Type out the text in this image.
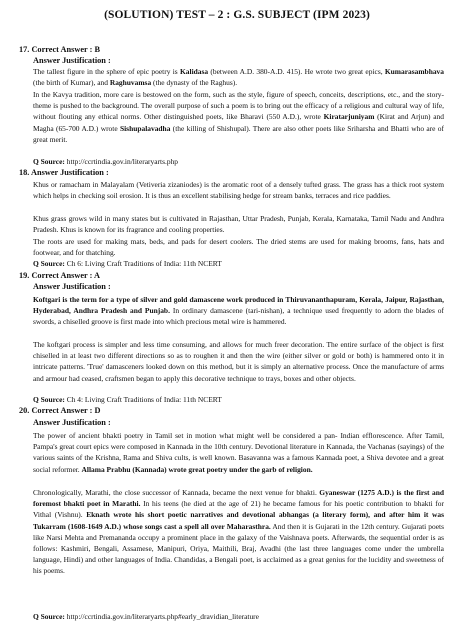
(SOLUTION) TEST – 2 : G.S. SUBJECT (IPM 2023)
17. Correct Answer : B
Answer Justification :
The tallest figure in the sphere of epic poetry is Kalidasa (between A.D. 380-A.D. 415). He wrote two great epics, Kumarasambhava (the birth of Kumar), and Raghuvamsa (the dynasty of the Raghus).
In the Kavya tradition, more care is bestowed on the form, such as the style, figure of speech, conceits, descriptions, etc., and the story-theme is pushed to the background. The overall purpose of such a poem is to bring out the efficacy of a religious and cultural way of life, without flouting any ethical norms. Other distinguished poets, like Bharavi (550 A.D.), wrote Kiratarjuniyam (Kirat and Arjun) and Magha (65-700 A.D.) wrote Sishupalavadha (the killing of Shishupal). There are also other poets like Sriharsha and Bhatti who are of great merit.
Q Source: http://ccrtindia.gov.in/literaryarts.php
18. Answer Justification :
Khus or ramacham in Malayalam (Vetiveria zizaniodes) is the aromatic root of a densely tufted grass. The grass has a thick root system which helps in checking soil erosion. It is thus an excellent stabilising hedge for stream banks, terraces and rice paddies.
Khus grass grows wild in many states but is cultivated in Rajasthan, Uttar Pradesh, Punjab, Kerala, Karnataka, Tamil Nadu and Andhra Pradesh. Khus is known for its fragrance and cooling properties.
The roots are used for making mats, beds, and pads for desert coolers. The dried stems are used for making brooms, fans, hats and footwear, and for thatching.
Q Source: Ch 6: Living Craft Traditions of India: 11th NCERT
19. Correct Answer : A
Answer Justification :
Koftgari is the term for a type of silver and gold damascene work produced in Thiruvananthapuram, Kerala, Jaipur, Rajasthan, Hyderabad, Andhra Pradesh and Punjab. In ordinary damascene (tari-nishan), a technique used frequently to adorn the blades of swords, a chiselled groove is first made into which precious metal wire is hammered.
The koftgari process is simpler and less time consuming, and allows for much freer decoration. The entire surface of the object is first chiselled in at least two different directions so as to roughen it and then the wire (either silver or gold or both) is hammered onto it in intricate patterns. 'True' damasceners looked down on this method, but it is simply an alternative process. Once the manufacture of arms and armour had ceased, craftsmen began to apply this decorative technique to trays, boxes and other objects.
Q Source: Ch 4: Living Craft Traditions of India: 11th NCERT
20. Correct Answer : D
Answer Justification :
The power of ancient bhakti poetry in Tamil set in motion what might well be considered a pan- Indian efflorescence. After Tamil, Pampa's great court epics were composed in Kannada in the 10th century. Devotional literature in Kannada, the Vachanas (sayings) of the various saints of the Krishna, Rama and Shiva cults, is well known. Basavanna was a famous Kannada poet, a Shiva devotee and a great social reformer. Allama Prabhu (Kannada) wrote great poetry under the garb of religion.
Chronologically, Marathi, the close successor of Kannada, became the next venue for bhakti. Gyaneswar (1275 A.D.) is the first and foremost bhakti poet in Marathi. In his teens (he died at the age of 21) he became famous for his poetic contribution to bhakti for Vithal (Vishnu). Eknath wrote his short poetic narratives and devotional abhangas (a literary form), and after him it was Tukarram (1608-1649 A.D.) whose songs cast a spell all over Maharasthra. And then it is Gujarati in the 12th century. Gujarati poets like Narsi Mehta and Premananda occupy a prominent place in the galaxy of the Vaishnava poets. Afterwards, the sequential order is as follows: Kashmiri, Bengali, Assamese, Manipuri, Oriya, Maithili, Braj, Avadhi (the last three languages come under the umbrella language, Hindi) and other languages of India. Chandidas, a Bengali poet, is acclaimed as a great genius for the lucidity and sweetness of his poems.
Q Source: http://ccrtindia.gov.in/literaryarts.php#early_dravidian_literature
